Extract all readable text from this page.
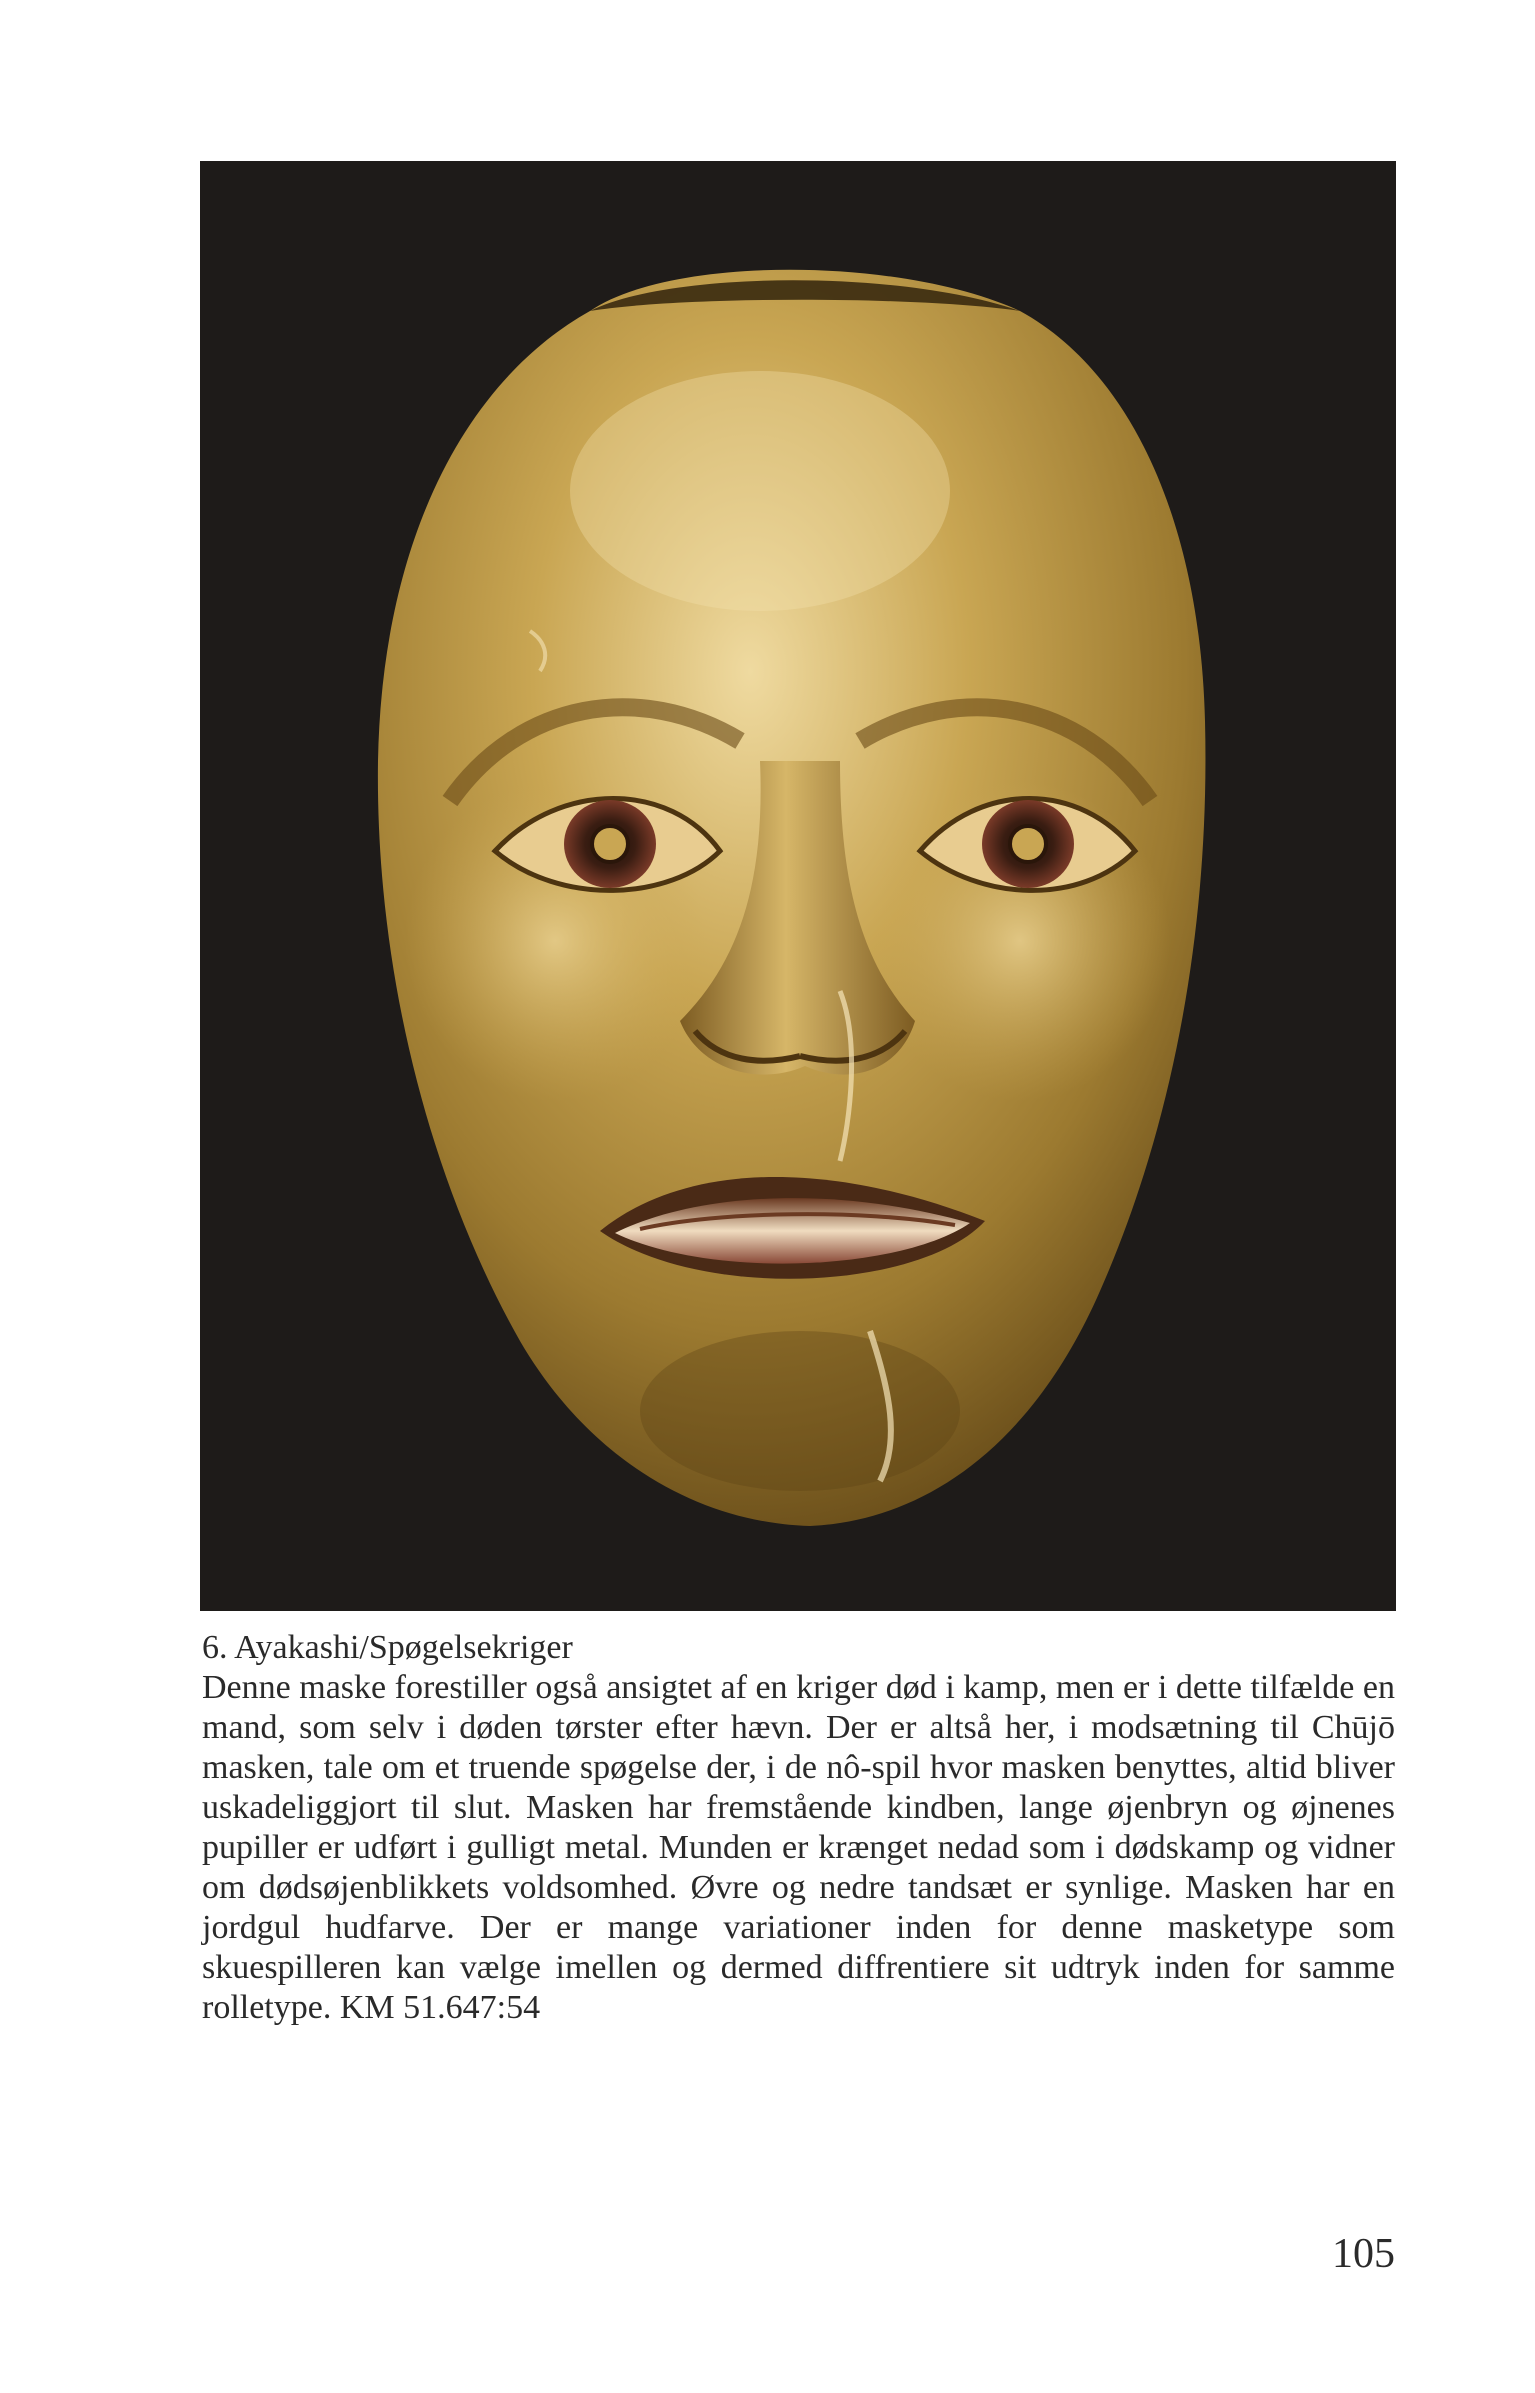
6. Ayakashi/Spøgelsekriger

Denne maske forestiller også ansigtet af en kriger død i kamp, men er i dette tilfælde en mand, som selv i døden tørster efter hævn. Der er altså her, i modsætning til Chūjō masken, tale om et truende spøgelse der, i de nô-spil hvor masken benyttes, altid bliver uskadeliggjort til slut. Masken har fremstående kindben, lange øjenbryn og øjnenes pupiller er udført i gulligt metal. Munden er krænget nedad som i dødskamp og vidner om dødsøjenblikkets voldsomhed. Øvre og nedre tandsæt er synlige. Masken har en jordgul hudfarve. Der er mange variationer inden for denne masketype som skuespilleren kan vælge imellen og dermed diffrentiere sit udtryk inden for samme rolletype. KM 51.647:54

105
